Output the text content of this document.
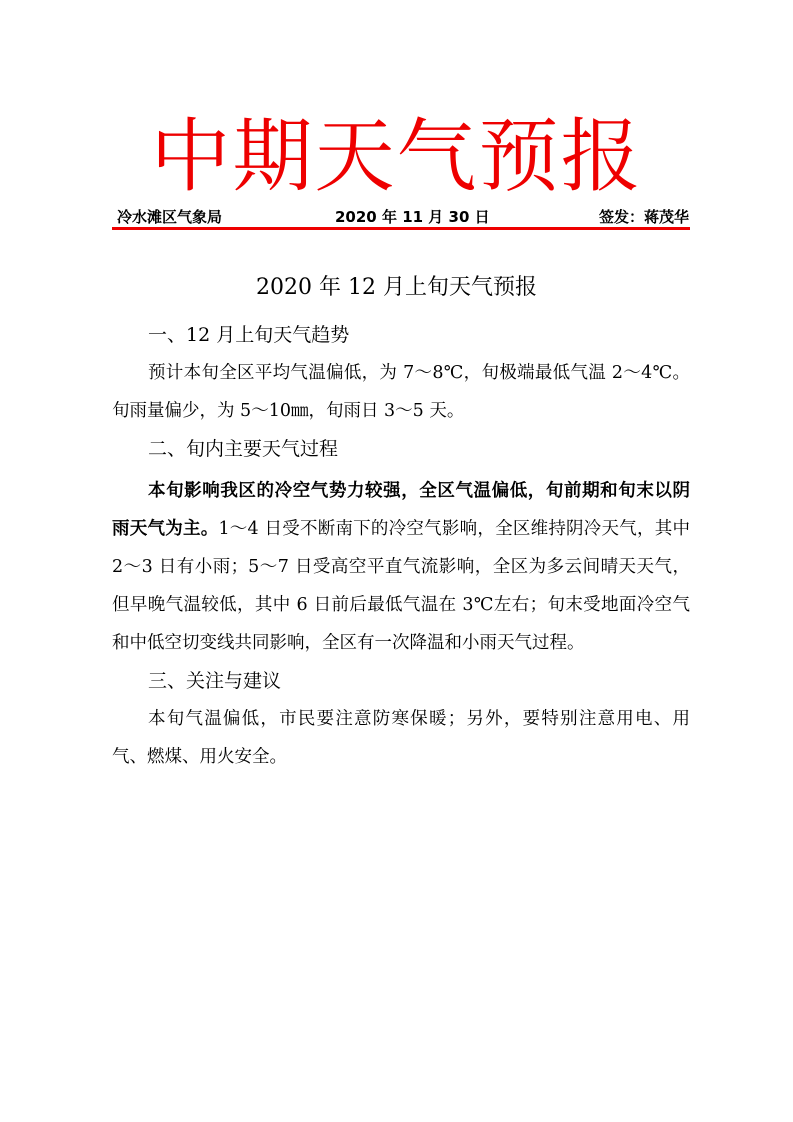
中期天气预报
冷水滩区气象局	2020 年 11 月 30 日	签发：蒋茂华
2020 年 12 月上旬天气预报
一、12 月上旬天气趋势

预计本旬全区平均气温偏低，为 7～8℃，旬极端最低气温 2～4℃。旬雨量偏少，为 5～10㎜，旬雨日 3～5 天。

二、旬内主要天气过程

本旬影响我区的冷空气势力较强，全区气温偏低，旬前期和旬末以阴雨天气为主。1～4 日受不断南下的冷空气影响，全区维持阴冷天气，其中 2～3 日有小雨；5～7 日受高空平直气流影响，全区为多云间晴天天气，但早晚气温较低，其中 6 日前后最低气温在 3℃左右；旬末受地面冷空气和中低空切变线共同影响，全区有一次降温和小雨天气过程。

三、关注与建议

本旬气温偏低，市民要注意防寒保暖；另外，要特别注意用电、用气、燃煤、用火安全。
